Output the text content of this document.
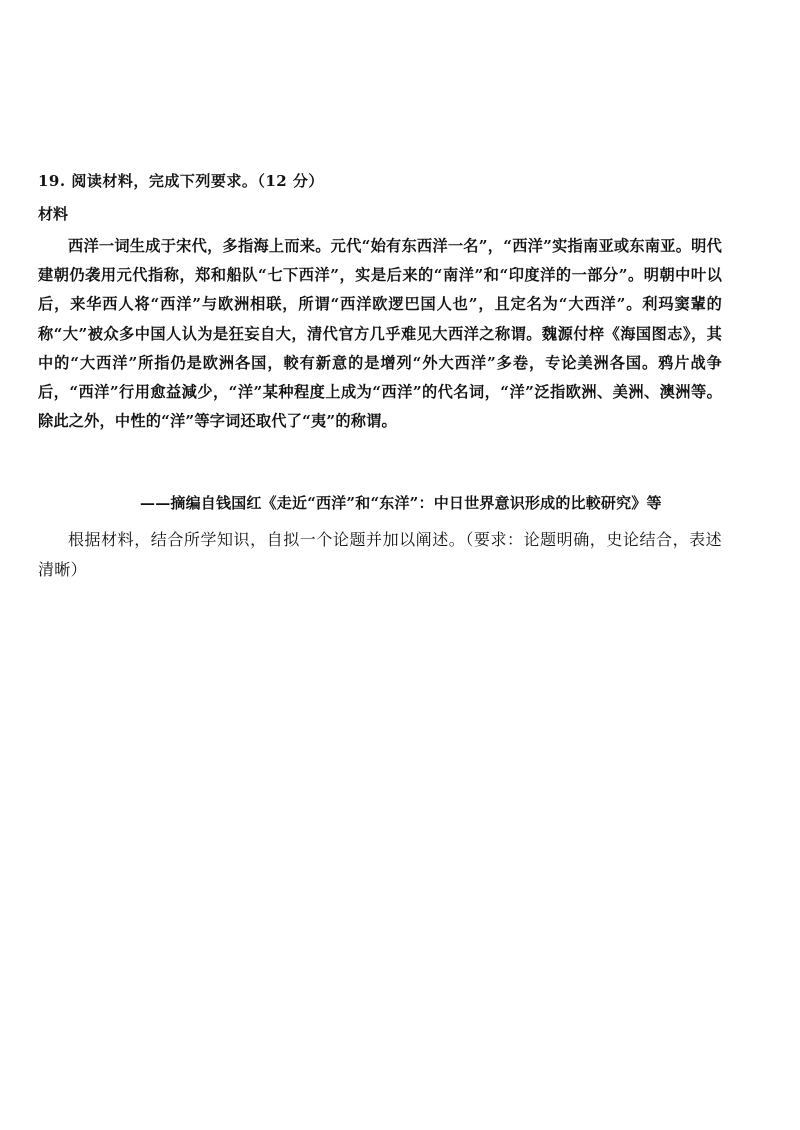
19. 阅读材料，完成下列要求。（12 分）
材料
西洋一词生成于宋代，多指海上而来。元代“始有东西洋一名”，“西洋”实指南亚或东南亚。明代建朝仍袭用元代指称，郑和船队“七下西洋”，实是后来的“南洋”和“印度洋的一部分”。明朝中叶以后，来华西人将“西洋”与欧洲相联，所谓“西洋欧逻巴国人也”，且定名为“大西洋”。利玛窦輩的称“大”被众多中国人认为是狂妄自大，清代官方几乎难见大西洋之称谓。魏源付梓《海国图志》，其中的“大西洋”所指仍是欧洲各国，較有新意的是增列“外大西洋”多卷，专论美洲各国。鸦片战争后，“西洋”行用愈益減少，“洋”某种程度上成为“西洋”的代名词，“洋”泛指欧洲、美洲、澳洲等。除此之外，中性的“洋”等字词还取代了“夷”的称谓。
——摘编自钱国红《走近“西洋”和“东洋”：中日世界意识形成的比較研究》等
根据材料，结合所学知识，自拟一个论题并加以阐述。（要求：论题明确，史论结合，表述清晰）
